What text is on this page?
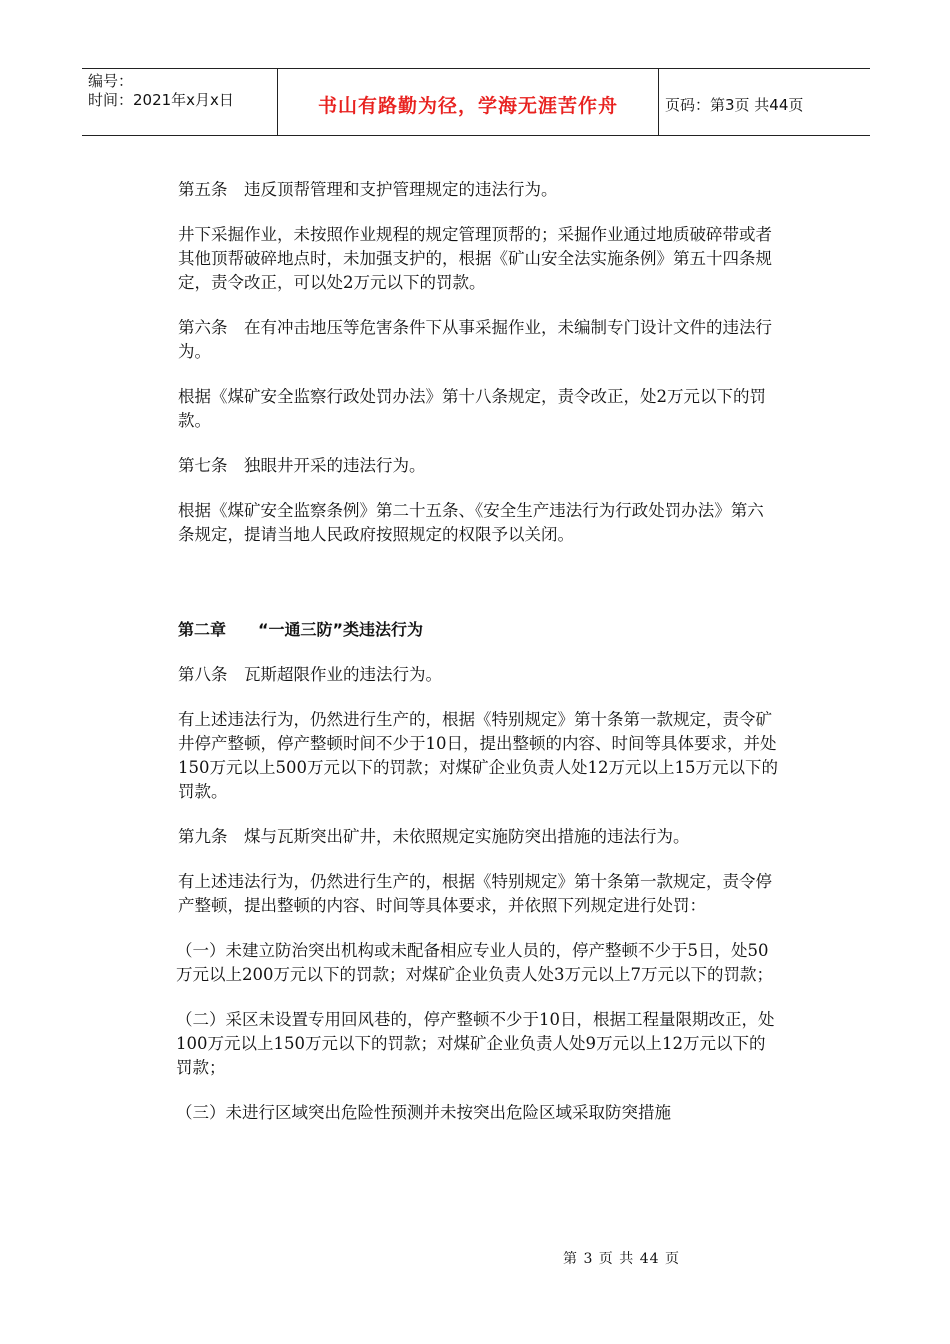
编号：
时间：2021年x月x日	书山有路勤为径，学海无涯苦作舟	页码：第3页 共44页

第五条　违反顶帮管理和支护管理规定的违法行为。

井下采掘作业，未按照作业规程的规定管理顶帮的；采掘作业通过地质破碎带或者其他顶帮破碎地点时，未加强支护的，根据《矿山安全法实施条例》第五十四条规定，责令改正，可以处2万元以下的罚款。

第六条　在有冲击地压等危害条件下从事采掘作业，未编制专门设计文件的违法行为。

根据《煤矿安全监察行政处罚办法》第十八条规定，责令改正，处2万元以下的罚款。

第七条　独眼井开采的违法行为。

根据《煤矿安全监察条例》第二十五条、《安全生产违法行为行政处罚办法》第六条规定，提请当地人民政府按照规定的权限予以关闭。

第二章　　“一通三防”类违法行为

第八条　瓦斯超限作业的违法行为。

有上述违法行为，仍然进行生产的，根据《特别规定》第十条第一款规定，责令矿井停产整顿，停产整顿时间不少于10日，提出整顿的内容、时间等具体要求，并处150万元以上500万元以下的罚款；对煤矿企业负责人处12万元以上15万元以下的罚款。

第九条　煤与瓦斯突出矿井，未依照规定实施防突出措施的违法行为。

有上述违法行为，仍然进行生产的，根据《特别规定》第十条第一款规定，责令停产整顿，提出整顿的内容、时间等具体要求，并依照下列规定进行处罚：

（一）未建立防治突出机构或未配备相应专业人员的，停产整顿不少于5日，处50万元以上200万元以下的罚款；对煤矿企业负责人处3万元以上7万元以下的罚款；

（二）采区未设置专用回风巷的，停产整顿不少于10日，根据工程量限期改正，处100万元以上150万元以下的罚款；对煤矿企业负责人处9万元以上12万元以下的罚款；

（三）未进行区域突出危险性预测并未按突出危险区域采取防突措施

第 3 页 共 44 页
